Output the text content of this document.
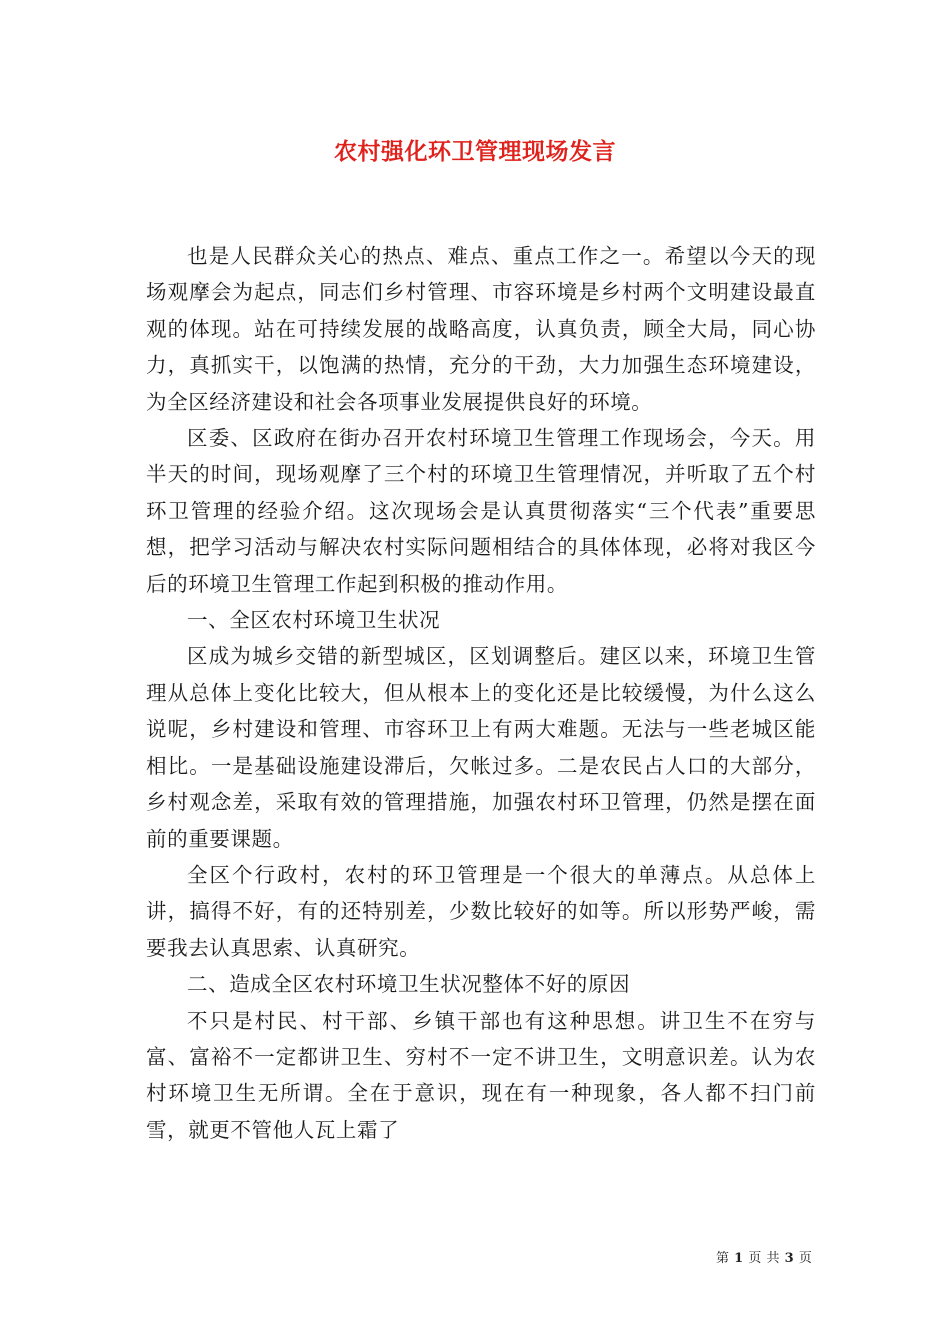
农村强化环卫管理现场发言

也是人民群众关心的热点、难点、重点工作之一。希望以今天的现场观摩会为起点，同志们乡村管理、市容环境是乡村两个文明建设最直观的体现。站在可持续发展的战略高度，认真负责，顾全大局，同心协力，真抓实干，以饱满的热情，充分的干劲，大力加强生态环境建设，为全区经济建设和社会各项事业发展提供良好的环境。

区委、区政府在街办召开农村环境卫生管理工作现场会，今天。用半天的时间，现场观摩了三个村的环境卫生管理情况，并听取了五个村环卫管理的经验介绍。这次现场会是认真贯彻落实“三个代表”重要思想，把学习活动与解决农村实际问题相结合的具体体现，必将对我区今后的环境卫生管理工作起到积极的推动作用。

一、全区农村环境卫生状况

区成为城乡交错的新型城区，区划调整后。建区以来，环境卫生管理从总体上变化比较大，但从根本上的变化还是比较缓慢，为什么这么说呢，乡村建设和管理、市容环卫上有两大难题。无法与一些老城区能相比。一是基础设施建设滞后，欠帐过多。二是农民占人口的大部分，乡村观念差，采取有效的管理措施，加强农村环卫管理，仍然是摆在面前的重要课题。

全区个行政村，农村的环卫管理是一个很大的单薄点。从总体上讲，搞得不好，有的还特别差，少数比较好的如等。所以形势严峻，需要我去认真思索、认真研究。

二、造成全区农村环境卫生状况整体不好的原因

不只是村民、村干部、乡镇干部也有这种思想。讲卫生不在穷与富、富裕不一定都讲卫生、穷村不一定不讲卫生，文明意识差。认为农村环境卫生无所谓。全在于意识，现在有一种现象，各人都不扫门前雪，就更不管他人瓦上霜了

第 1 页 共 3 页
